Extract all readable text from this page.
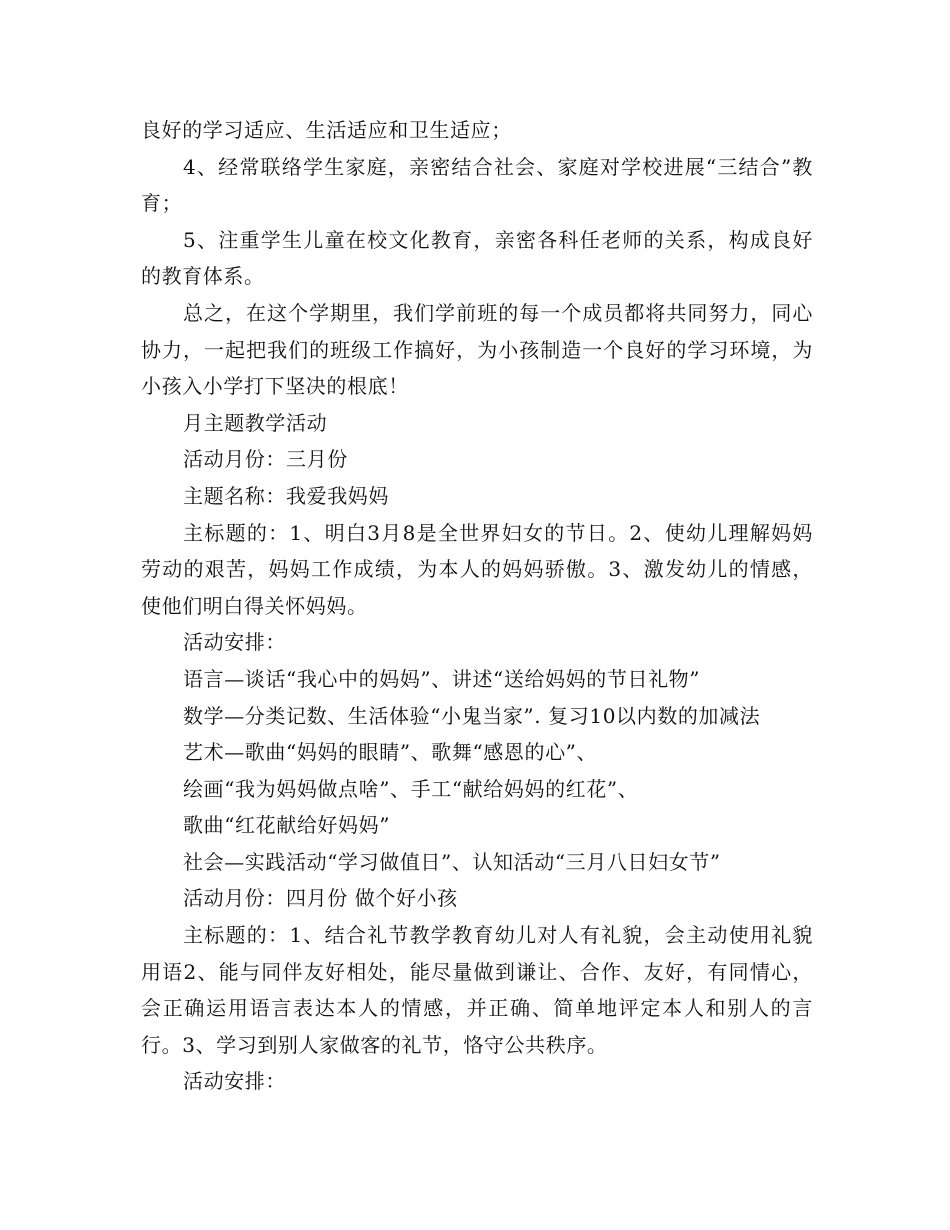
良好的学习适应、生活适应和卫生适应；

4、经常联络学生家庭，亲密结合社会、家庭对学校进展“三结合”教育；

5、注重学生儿童在校文化教育，亲密各科任老师的关系，构成良好的教育体系。

总之，在这个学期里，我们学前班的每一个成员都将共同努力，同心协力，一起把我们的班级工作搞好，为小孩制造一个良好的学习环境，为小孩入小学打下坚决的根底！

月主题教学活动

活动月份：三月份

主题名称：我爱我妈妈

主标题的：1、明白3月8是全世界妇女的节日。2、使幼儿理解妈妈劳动的艰苦，妈妈工作成绩，为本人的妈妈骄傲。3、激发幼儿的情感，使他们明白得关怀妈妈。

活动安排：

语言—谈话“我心中的妈妈”、讲述“送给妈妈的节日礼物”

数学—分类记数、生活体验“小鬼当家”. 复习10以内数的加减法

艺术—歌曲“妈妈的眼睛”、歌舞“感恩的心”、

绘画“我为妈妈做点啥”、手工“献给妈妈的红花”、

歌曲“红花献给好妈妈”

社会—实践活动“学习做值日”、认知活动“三月八日妇女节”

活动月份：四月份 做个好小孩

主标题的：1、结合礼节教学教育幼儿对人有礼貌，会主动使用礼貌用语2、能与同伴友好相处，能尽量做到谦让、合作、友好，有同情心，会正确运用语言表达本人的情感，并正确、简单地评定本人和别人的言行。3、学习到别人家做客的礼节，恪守公共秩序。

活动安排：
